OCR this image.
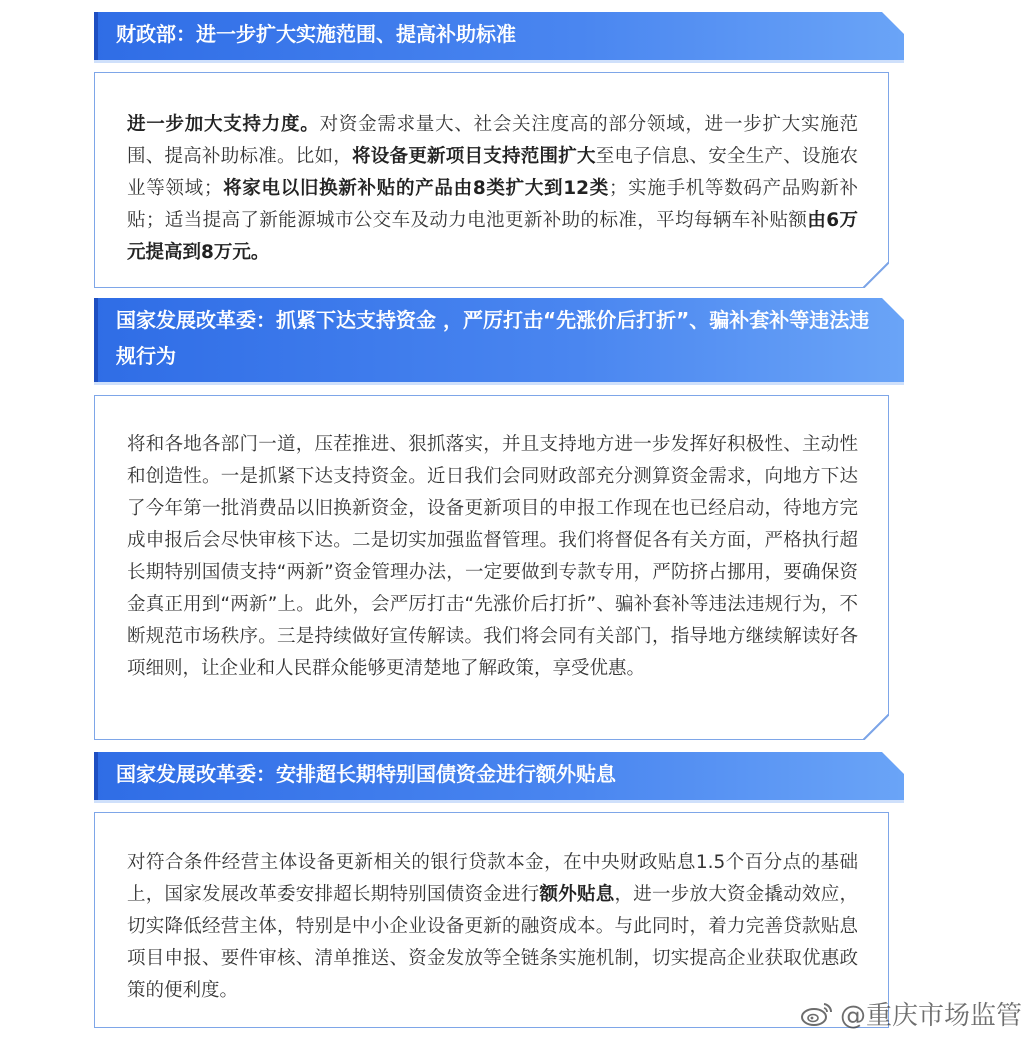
财政部：进一步扩大实施范围、提高补助标准
进一步加大支持力度。对资金需求量大、社会关注度高的部分领域，进一步扩大实施范围、提高补助标准。比如，将设备更新项目支持范围扩大至电子信息、安全生产、设施农业等领域；将家电以旧换新补贴的产品由8类扩大到12类；实施手机等数码产品购新补贴；适当提高了新能源城市公交车及动力电池更新补助的标准，平均每辆车补贴额由6万元提高到8万元。
国家发展改革委：抓紧下达支持资金 ，严厉打击“先涨价后打折”、骗补套补等违法违规行为
将和各地各部门一道，压茬推进、狠抓落实，并且支持地方进一步发挥好积极性、主动性和创造性。一是抓紧下达支持资金。近日我们会同财政部充分测算资金需求，向地方下达了今年第一批消费品以旧换新资金，设备更新项目的申报工作现在也已经启动，待地方完成申报后会尽快审核下达。二是切实加强监督管理。我们将督促各有关方面，严格执行超长期特别国债支持“两新”资金管理办法，一定要做到专款专用，严防挤占挪用，要确保资金真正用到“两新”上。此外，会严厉打击“先涨价后打折”、骗补套补等违法违规行为，不断规范市场秩序。三是持续做好宣传解读。我们将会同有关部门，指导地方继续解读好各项细则，让企业和人民群众能够更清楚地了解政策，享受优惠。
国家发展改革委：安排超长期特别国债资金进行额外贴息
对符合条件经营主体设备更新相关的银行贷款本金，在中央财政贴息1.5个百分点的基础上，国家发展改革委安排超长期特别国债资金进行额外贴息，进一步放大资金撬动效应，切实降低经营主体，特别是中小企业设备更新的融资成本。与此同时，着力完善贷款贴息项目申报、要件审核、清单推送、资金发放等全链条实施机制，切实提高企业获取优惠政策的便利度。
@重庆市场监管
